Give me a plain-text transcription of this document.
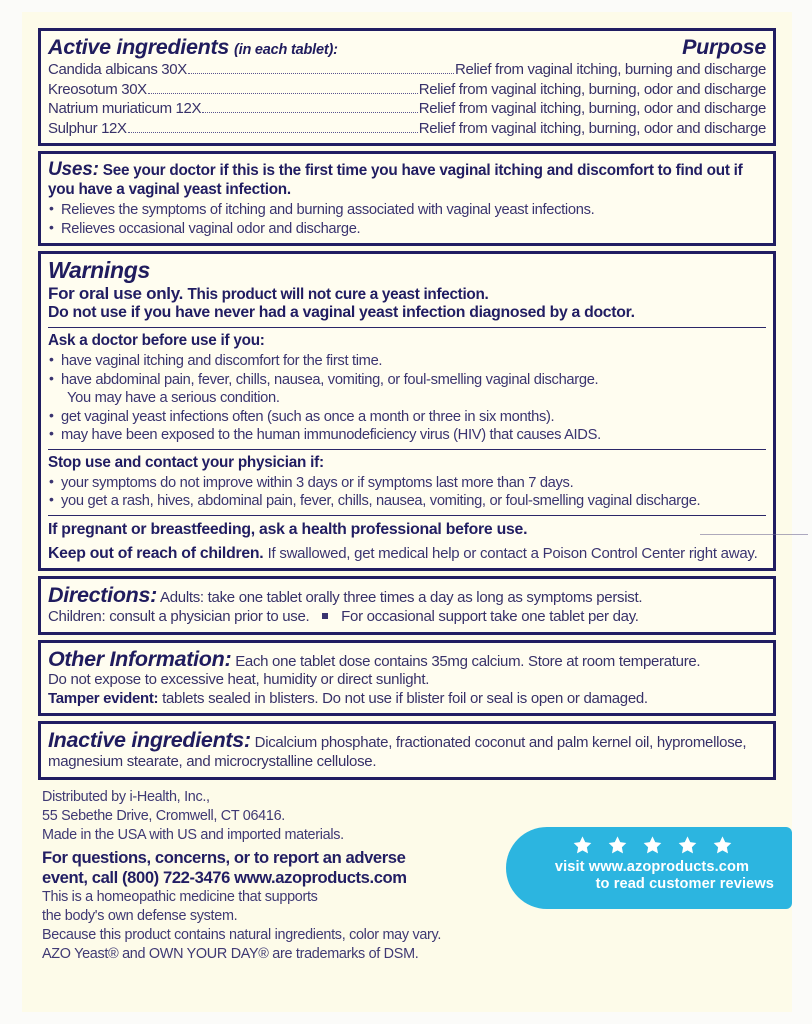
Active ingredients (in each tablet):	Purpose
Candida albicans 30X	Relief from vaginal itching, burning and discharge
Kreosotum 30X	Relief from vaginal itching, burning, odor and discharge
Natrium muriaticum 12X	Relief from vaginal itching, burning, odor and discharge
Sulphur 12X	Relief from vaginal itching, burning, odor and discharge

Uses: See your doctor if this is the first time you have vaginal itching and discomfort to find out if you have a vaginal yeast infection.

• Relieves the symptoms of itching and burning associated with vaginal yeast infections.
• Relieves occasional vaginal odor and discharge.
Warnings

For oral use only. This product will not cure a yeast infection.

Do not use if you have never had a vaginal yeast infection diagnosed by a doctor.

Ask a doctor before use if you:
• have vaginal itching and discomfort for the first time.
• have abdominal pain, fever, chills, nausea, vomiting, or foul-smelling vaginal discharge.
You may have a serious condition.
• get vaginal yeast infections often (such as once a month or three in six months).
• may have been exposed to the human immunodeficiency virus (HIV) that causes AIDS.
Stop use and contact your physician if:
• your symptoms do not improve within 3 days or if symptoms last more than 7 days.
• you get a rash, hives, abdominal pain, fever, chills, nausea, vomiting, or foul-smelling vaginal discharge.

If pregnant or breastfeeding, ask a health professional before use.

Keep out of reach of children. If swallowed, get medical help or contact a Poison Control Center right away.

Directions: Adults: take one tablet orally three times a day as long as symptoms persist.

Children: consult a physician prior to use. For occasional support take one tablet per day.

Other Information: Each one tablet dose contains 35mg calcium. Store at room temperature.

Do not expose to excessive heat, humidity or direct sunlight.

Tamper evident: tablets sealed in blisters. Do not use if blister foil or seal is open or damaged.

Inactive ingredients: Dicalcium phosphate, fractionated coconut and palm kernel oil, hypromellose, magnesium stearate, and microcrystalline cellulose.

visit www.azoproducts.com
to read customer reviews
Distributed by i-Health, Inc.,
55 Sebethe Drive, Cromwell, CT 06416.
Made in the USA with US and imported materials.
For questions, concerns, or to report an adverse
event, call (800) 722-3476 www.azoproducts.com
This is a homeopathic medicine that supports
the body's own defense system.
Because this product contains natural ingredients, color may vary.
AZO Yeast® and OWN YOUR DAY® are trademarks of DSM.
